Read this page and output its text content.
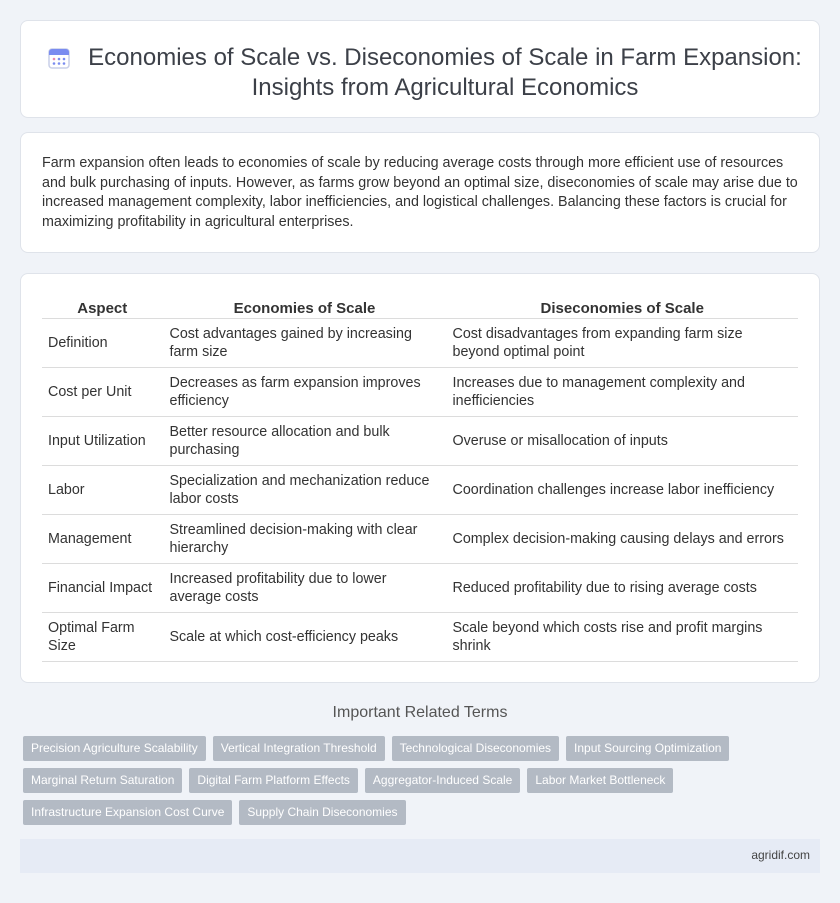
Economies of Scale vs. Diseconomies of Scale in Farm Expansion: Insights from Agricultural Economics

Farm expansion often leads to economies of scale by reducing average costs through more efficient use of resources and bulk purchasing of inputs. However, as farms grow beyond an optimal size, diseconomies of scale may arise due to increased management complexity, labor inefficiencies, and logistical challenges. Balancing these factors is crucial for maximizing profitability in agricultural enterprises.

Aspect	Economies of Scale	Diseconomies of Scale
Definition	Cost advantages gained by increasing farm size	Cost disadvantages from expanding farm size beyond optimal point
Cost per Unit	Decreases as farm expansion improves efficiency	Increases due to management complexity and inefficiencies
Input Utilization	Better resource allocation and bulk purchasing	Overuse or misallocation of inputs
Labor	Specialization and mechanization reduce labor costs	Coordination challenges increase labor inefficiency
Management	Streamlined decision-making with clear hierarchy	Complex decision-making causing delays and errors
Financial Impact	Increased profitability due to lower average costs	Reduced profitability due to rising average costs
Optimal Farm Size	Scale at which cost-efficiency peaks	Scale beyond which costs rise and profit margins shrink
Important Related Terms
Precision Agriculture Scalability	Vertical Integration Threshold	Technological Diseconomies	Input Sourcing Optimization
Marginal Return Saturation	Digital Farm Platform Effects	Aggregator-Induced Scale	Labor Market Bottleneck
Infrastructure Expansion Cost Curve	Supply Chain Diseconomies
agridif.com
